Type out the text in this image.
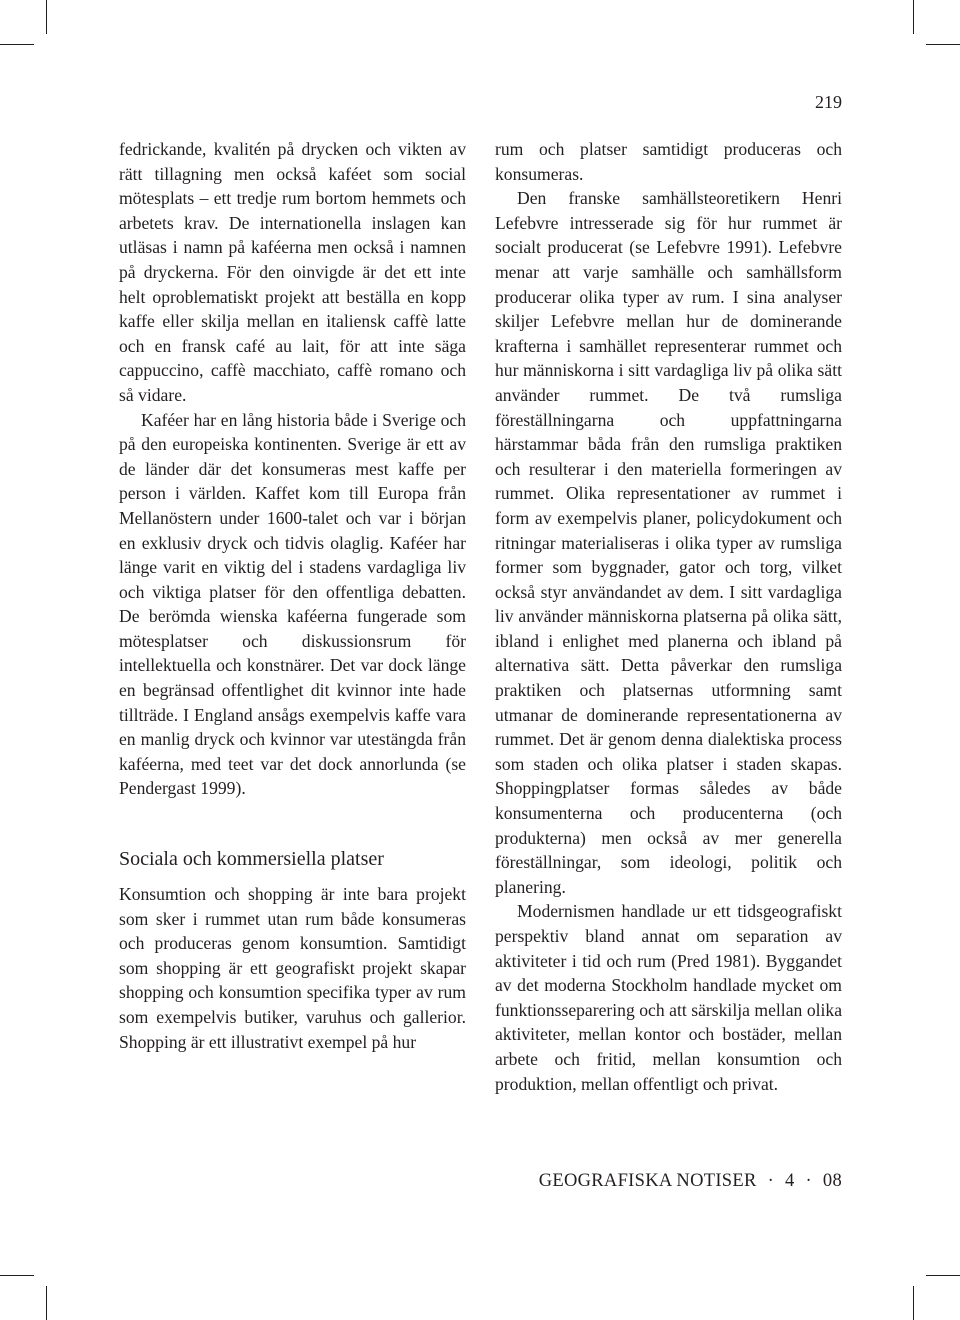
219

fedrickande, kvalitén på drycken och vikten av rätt tillagning men också kaféet som social mötesplats – ett tredje rum bortom hemmets och arbetets krav. De internationella inslagen kan utläsas i namn på kaféerna men också i namnen på dryckerna. För den oinvigde är det ett inte helt oproblematiskt projekt att beställa en kopp kaffe eller skilja mellan en italiensk caffè latte och en fransk café au lait, för att inte säga cappuccino, caffè macchiato, caffè romano och så vidare.

Kaféer har en lång historia både i Sverige och på den europeiska kontinenten. Sverige är ett av de länder där det konsumeras mest kaffe per person i världen. Kaffet kom till Europa från Mellanöstern under 1600-talet och var i början en exklusiv dryck och tidvis olaglig. Kaféer har länge varit en viktig del i stadens vardagliga liv och viktiga platser för den offentliga debatten. De berömda wienska kaféerna fungerade som mötesplatser och diskussionsrum för intellektuella och konstnärer. Det var dock länge en begränsad offentlighet dit kvinnor inte hade tillträde. I England ansågs exempelvis kaffe vara en manlig dryck och kvinnor var utestängda från kaféerna, med teet var det dock annorlunda (se Pendergast 1999).

Sociala och kommersiella platser

Konsumtion och shopping är inte bara projekt som sker i rummet utan rum både konsumeras och produceras genom konsumtion. Samtidigt som shopping är ett geografiskt projekt skapar shopping och konsumtion specifika typer av rum som exempelvis butiker, varuhus och gallerior. Shopping är ett illustrativt exempel på hur

rum och platser samtidigt produceras och konsumeras.

Den franske samhällsteoretikern Henri Lefebvre intresserade sig för hur rummet är socialt producerat (se Lefebvre 1991). Lefebvre menar att varje samhälle och samhällsform producerar olika typer av rum. I sina analyser skiljer Lefebvre mellan hur de dominerande krafterna i samhället representerar rummet och hur människorna i sitt vardagliga liv på olika sätt använder rummet. De två rumsliga föreställningarna och uppfattningarna härstammar båda från den rumsliga praktiken och resulterar i den materiella formeringen av rummet. Olika representationer av rummet i form av exempelvis planer, policydokument och ritningar materialiseras i olika typer av rumsliga former som byggnader, gator och torg, vilket också styr användandet av dem. I sitt vardagliga liv använder människorna platserna på olika sätt, ibland i enlighet med planerna och ibland på alternativa sätt. Detta påverkar den rumsliga praktiken och platsernas utformning samt utmanar de dominerande representationerna av rummet. Det är genom denna dialektiska process som staden och olika platser i staden skapas. Shoppingplatser formas således av både konsumenterna och producenterna (och produkterna) men också av mer generella föreställningar, som ideologi, politik och planering.

Modernismen handlade ur ett tidsgeografiskt perspektiv bland annat om separation av aktiviteter i tid och rum (Pred 1981). Byggandet av det moderna Stockholm handlade mycket om funktionsseparering och att särskilja mellan olika aktiviteter, mellan kontor och bostäder, mellan arbete och fritid, mellan konsumtion och produktion, mellan offentligt och privat.

GEOGRAFISKA NOTISER · 4 · 08
